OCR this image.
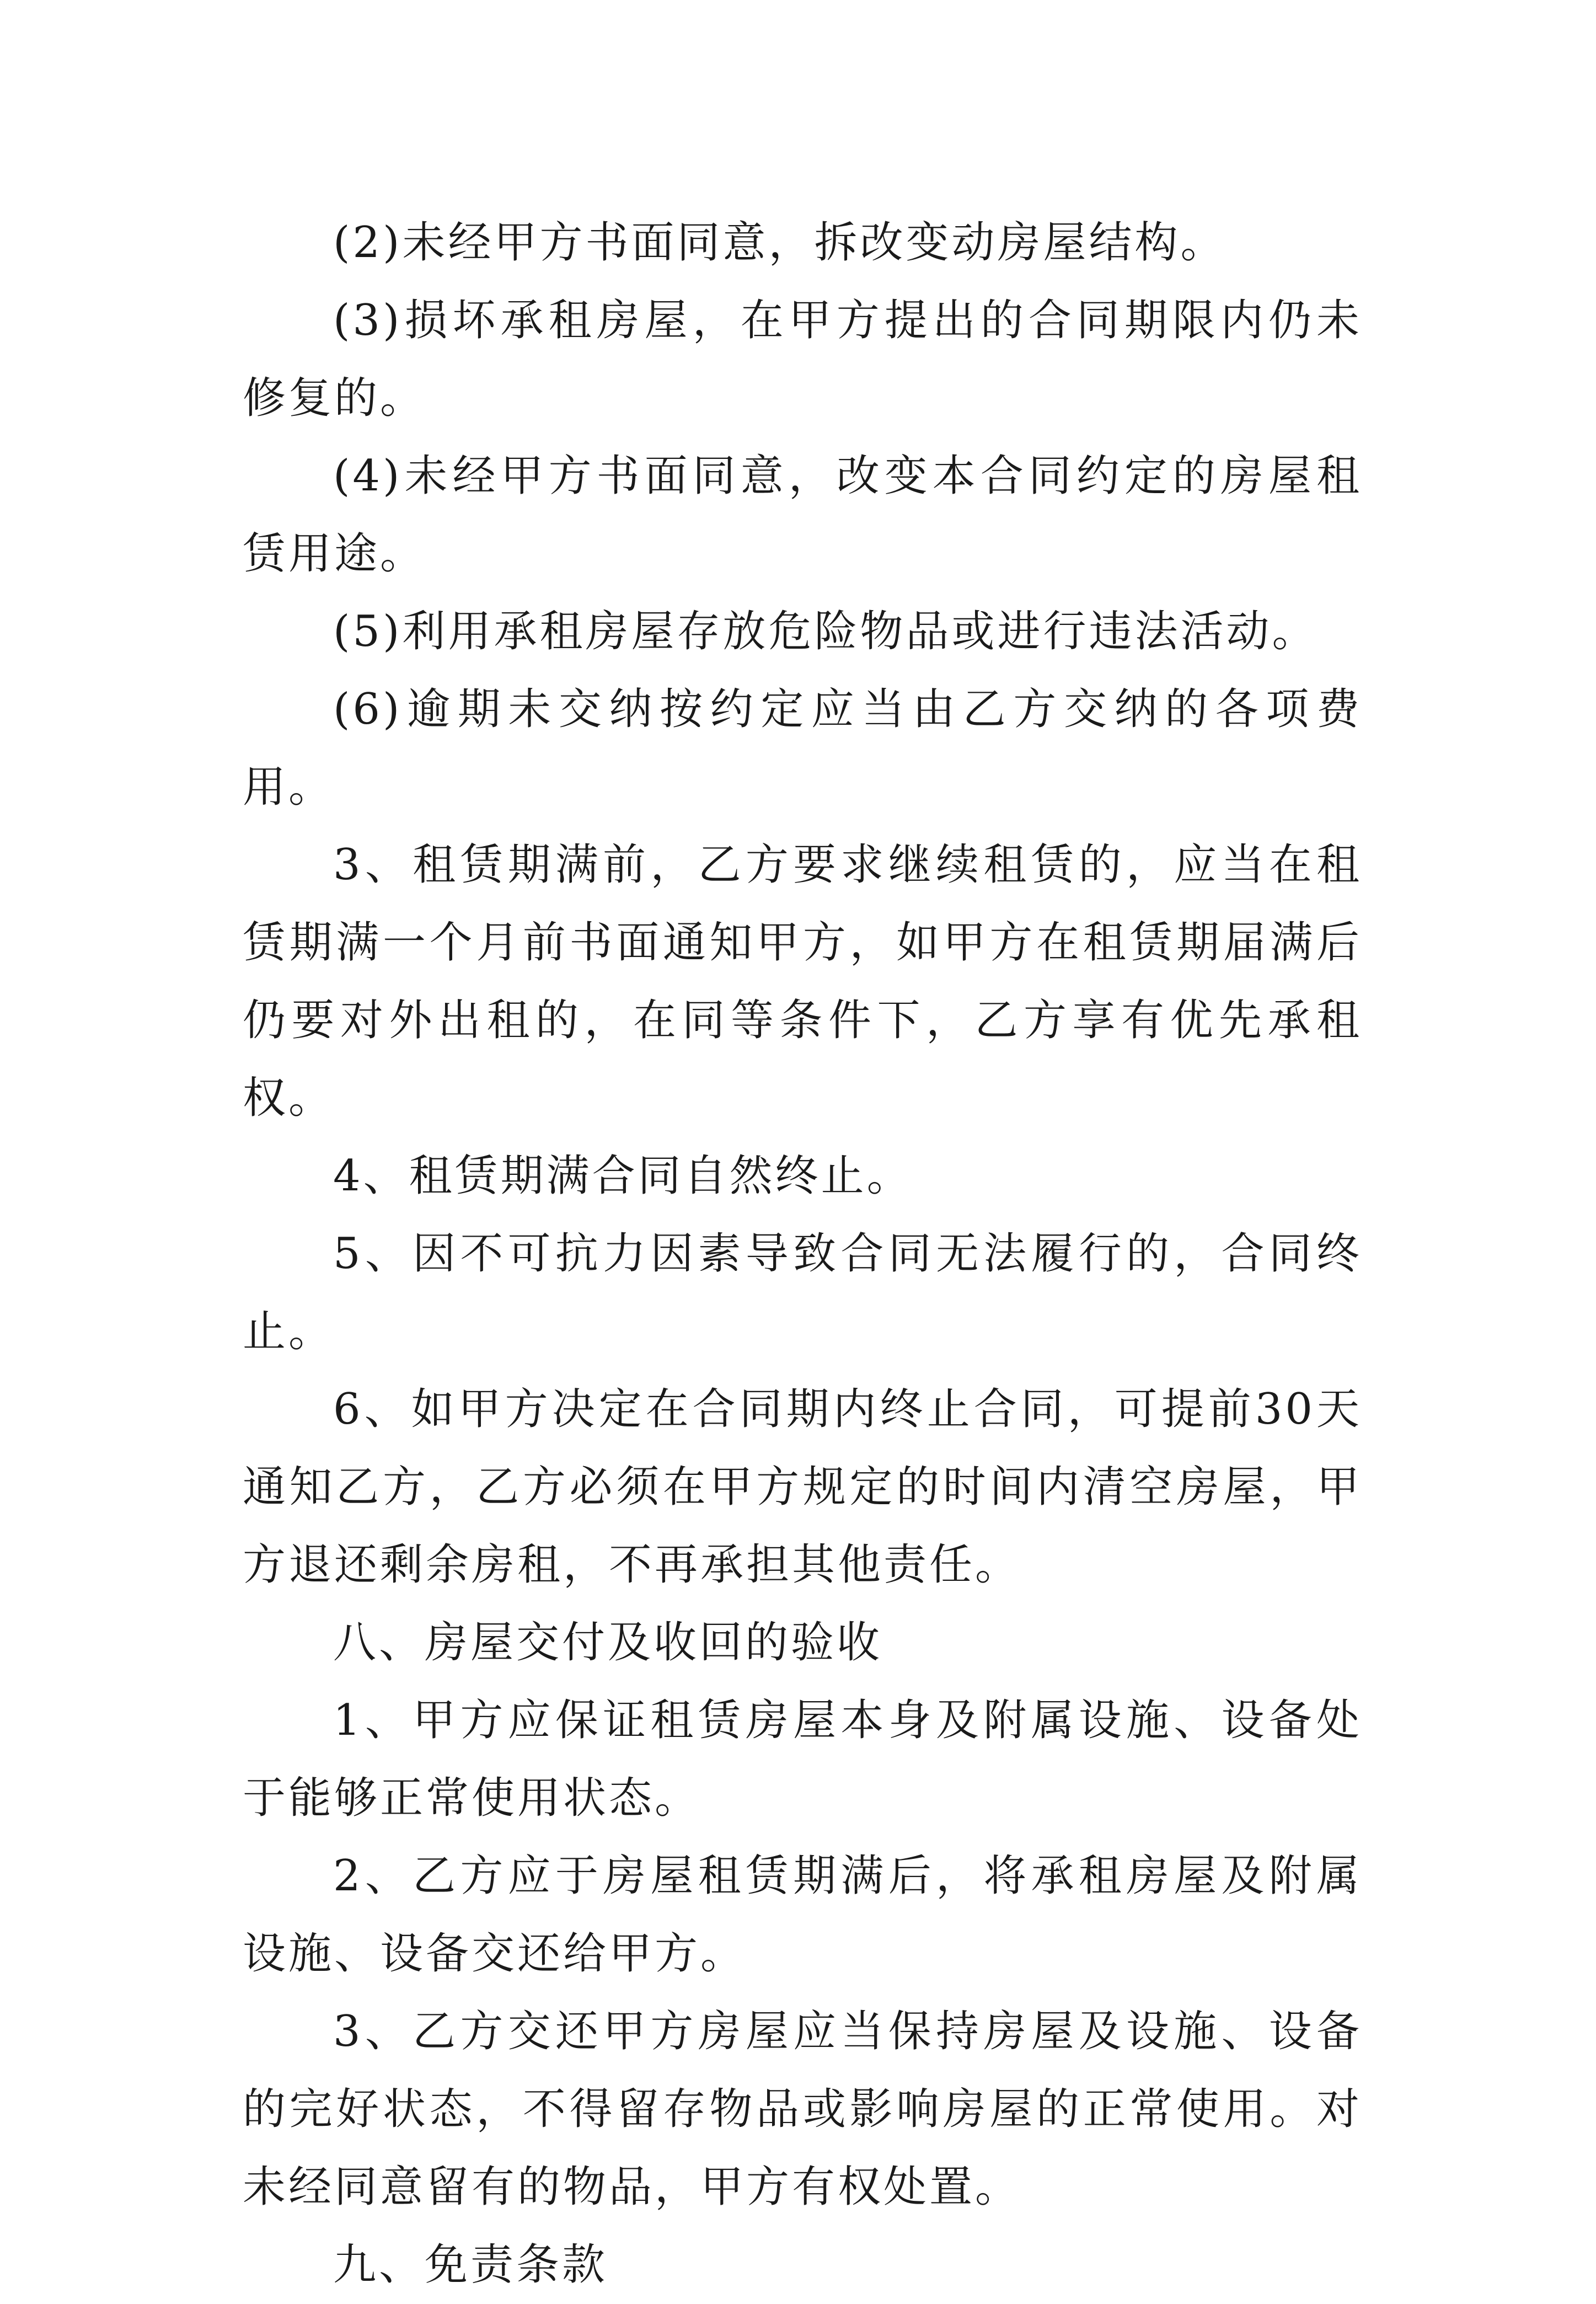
(2)未经甲方书面同意，拆改变动房屋结构。

(3)损坏承租房屋，在甲方提出的合同期限内仍未修复的。

(4)未经甲方书面同意，改变本合同约定的房屋租赁用途。

(5)利用承租房屋存放危险物品或进行违法活动。

(6)逾期未交纳按约定应当由乙方交纳的各项费用。

3、租赁期满前，乙方要求继续租赁的，应当在租赁期满一个月前书面通知甲方，如甲方在租赁期届满后仍要对外出租的，在同等条件下，乙方享有优先承租权。

4、租赁期满合同自然终止。

5、因不可抗力因素导致合同无法履行的，合同终止。

6、如甲方决定在合同期内终止合同，可提前30天通知乙方，乙方必须在甲方规定的时间内清空房屋，甲方退还剩余房租，不再承担其他责任。

八、房屋交付及收回的验收

1、甲方应保证租赁房屋本身及附属设施、设备处于能够正常使用状态。

2、乙方应于房屋租赁期满后，将承租房屋及附属设施、设备交还给甲方。

3、乙方交还甲方房屋应当保持房屋及设施、设备的完好状态，不得留存物品或影响房屋的正常使用。对未经同意留有的物品，甲方有权处置。

九、免责条款
